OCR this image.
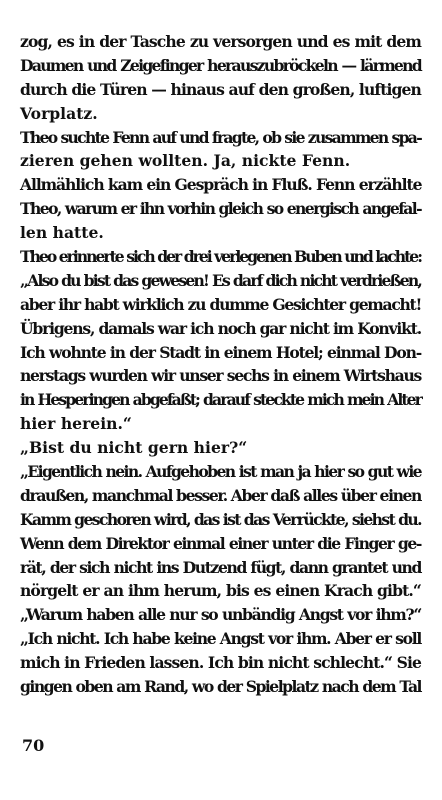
zog, es in der Tasche zu versorgen und es mit dem
Daumen und Zeigefinger herauszubröckeln — lärmend
durch die Türen — hinaus auf den großen, luftigen
Vorplatz.
Theo suchte Fenn auf und fragte, ob sie zusammen spa-
zieren gehen wollten. Ja, nickte Fenn.
Allmählich kam ein Gespräch in Fluß. Fenn erzählte
Theo, warum er ihn vorhin gleich so energisch angefal-
len hatte.
Theo erinnerte sich der drei verlegenen Buben und lachte:
„Also du bist das gewesen! Es darf dich nicht verdrießen,
aber ihr habt wirklich zu dumme Gesichter gemacht!
Übrigens, damals war ich noch gar nicht im Konvikt.
Ich wohnte in der Stadt in einem Hotel; einmal Don-
nerstags wurden wir unser sechs in einem Wirtshaus
in Hesperingen abgefaßt; darauf steckte mich mein Alter
hier herein.“
„Bist du nicht gern hier?“
„Eigentlich nein. Aufgehoben ist man ja hier so gut wie
draußen, manchmal besser. Aber daß alles über einen
Kamm geschoren wird, das ist das Verrückte, siehst du.
Wenn dem Direktor einmal einer unter die Finger ge-
rät, der sich nicht ins Dutzend fügt, dann grantet und
nörgelt er an ihm herum, bis es einen Krach gibt.“
„Warum haben alle nur so unbändig Angst vor ihm?“
„Ich nicht. Ich habe keine Angst vor ihm. Aber er soll
mich in Frieden lassen. Ich bin nicht schlecht.“ Sie
gingen oben am Rand, wo der Spielplatz nach dem Tal
70
